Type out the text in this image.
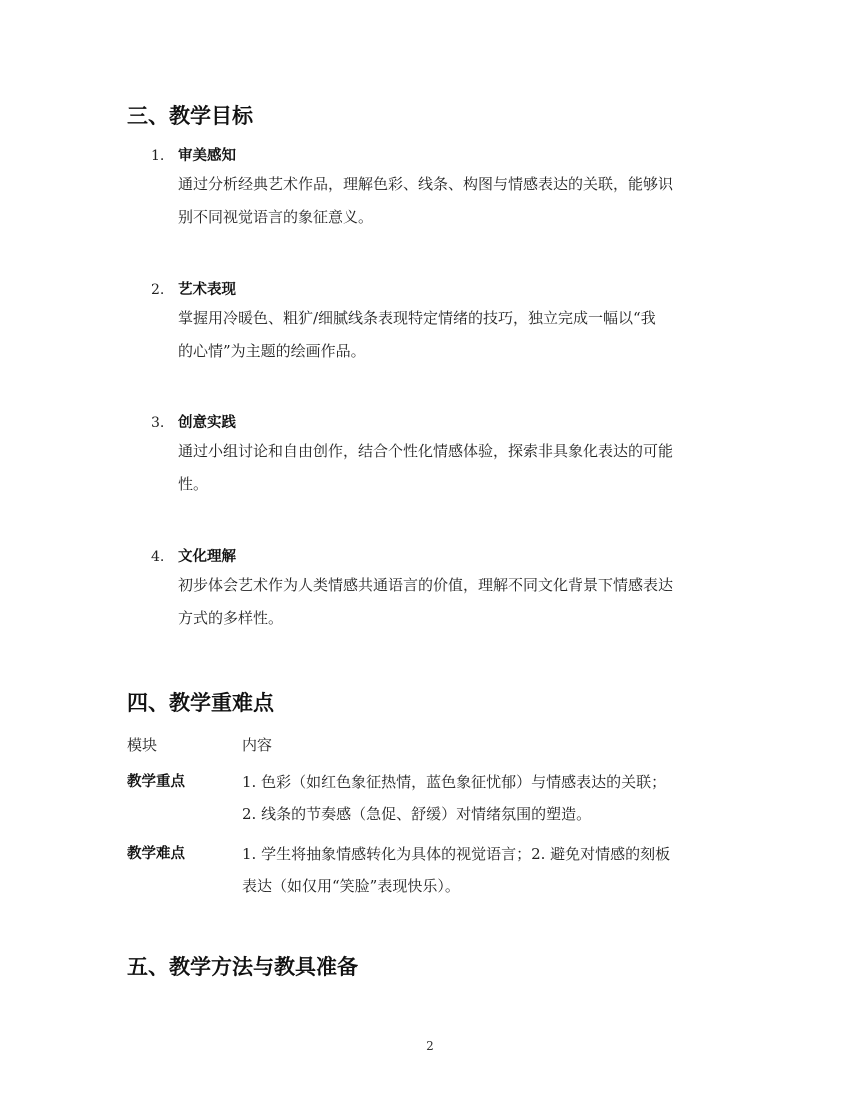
三、教学目标
1. 审美感知
通过分析经典艺术作品，理解色彩、线条、构图与情感表达的关联，能够识
别不同视觉语言的象征意义。
2. 艺术表现
掌握用冷暖色、粗犷/细腻线条表现特定情绪的技巧，独立完成一幅以“我
的心情”为主题的绘画作品。
3. 创意实践
通过小组讨论和自由创作，结合个性化情感体验，探索非具象化表达的可能
性。
4. 文化理解
初步体会艺术作为人类情感共通语言的价值，理解不同文化背景下情感表达
方式的多样性。
四、教学重难点
模块	内容
教学重点	1. 色彩（如红色象征热情，蓝色象征忧郁）与情感表达的关联；
2. 线条的节奏感（急促、舒缓）对情绪氛围的塑造。
教学难点	1. 学生将抽象情感转化为具体的视觉语言；2. 避免对情感的刻板
表达（如仅用“笑脸”表现快乐）。
五、教学方法与教具准备
2
